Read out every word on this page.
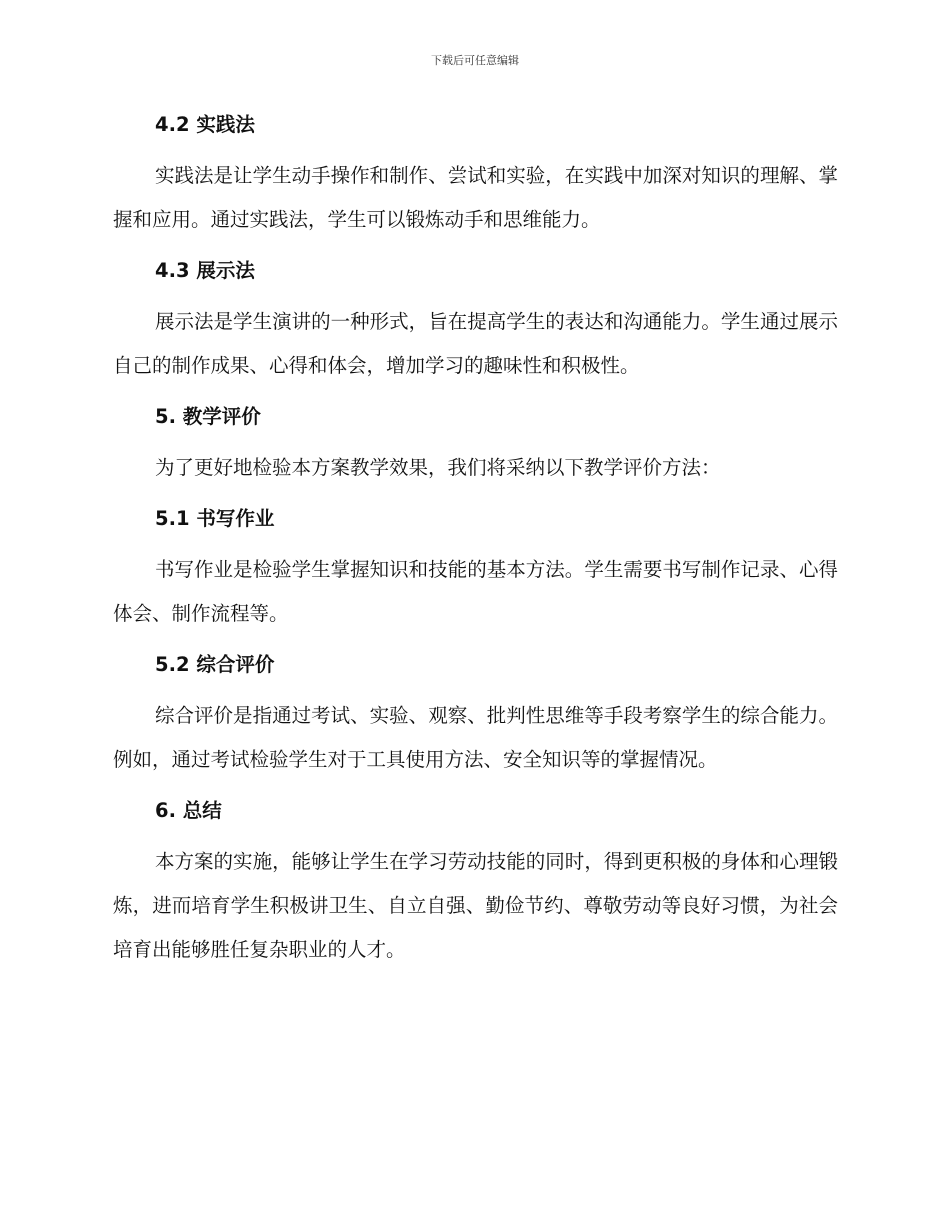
下载后可任意编辑
4.2 实践法

实践法是让学生动手操作和制作、尝试和实验，在实践中加深对知识的理解、掌握和应用。通过实践法，学生可以锻炼动手和思维能力。

4.3 展示法

展示法是学生演讲的一种形式，旨在提高学生的表达和沟通能力。学生通过展示自己的制作成果、心得和体会，增加学习的趣味性和积极性。

5. 教学评价

为了更好地检验本方案教学效果，我们将采纳以下教学评价方法：

5.1 书写作业

书写作业是检验学生掌握知识和技能的基本方法。学生需要书写制作记录、心得体会、制作流程等。

5.2 综合评价

综合评价是指通过考试、实验、观察、批判性思维等手段考察学生的综合能力。例如，通过考试检验学生对于工具使用方法、安全知识等的掌握情况。

6. 总结

本方案的实施，能够让学生在学习劳动技能的同时，得到更积极的身体和心理锻炼，进而培育学生积极讲卫生、自立自强、勤俭节约、尊敬劳动等良好习惯，为社会培育出能够胜任复杂职业的人才。
